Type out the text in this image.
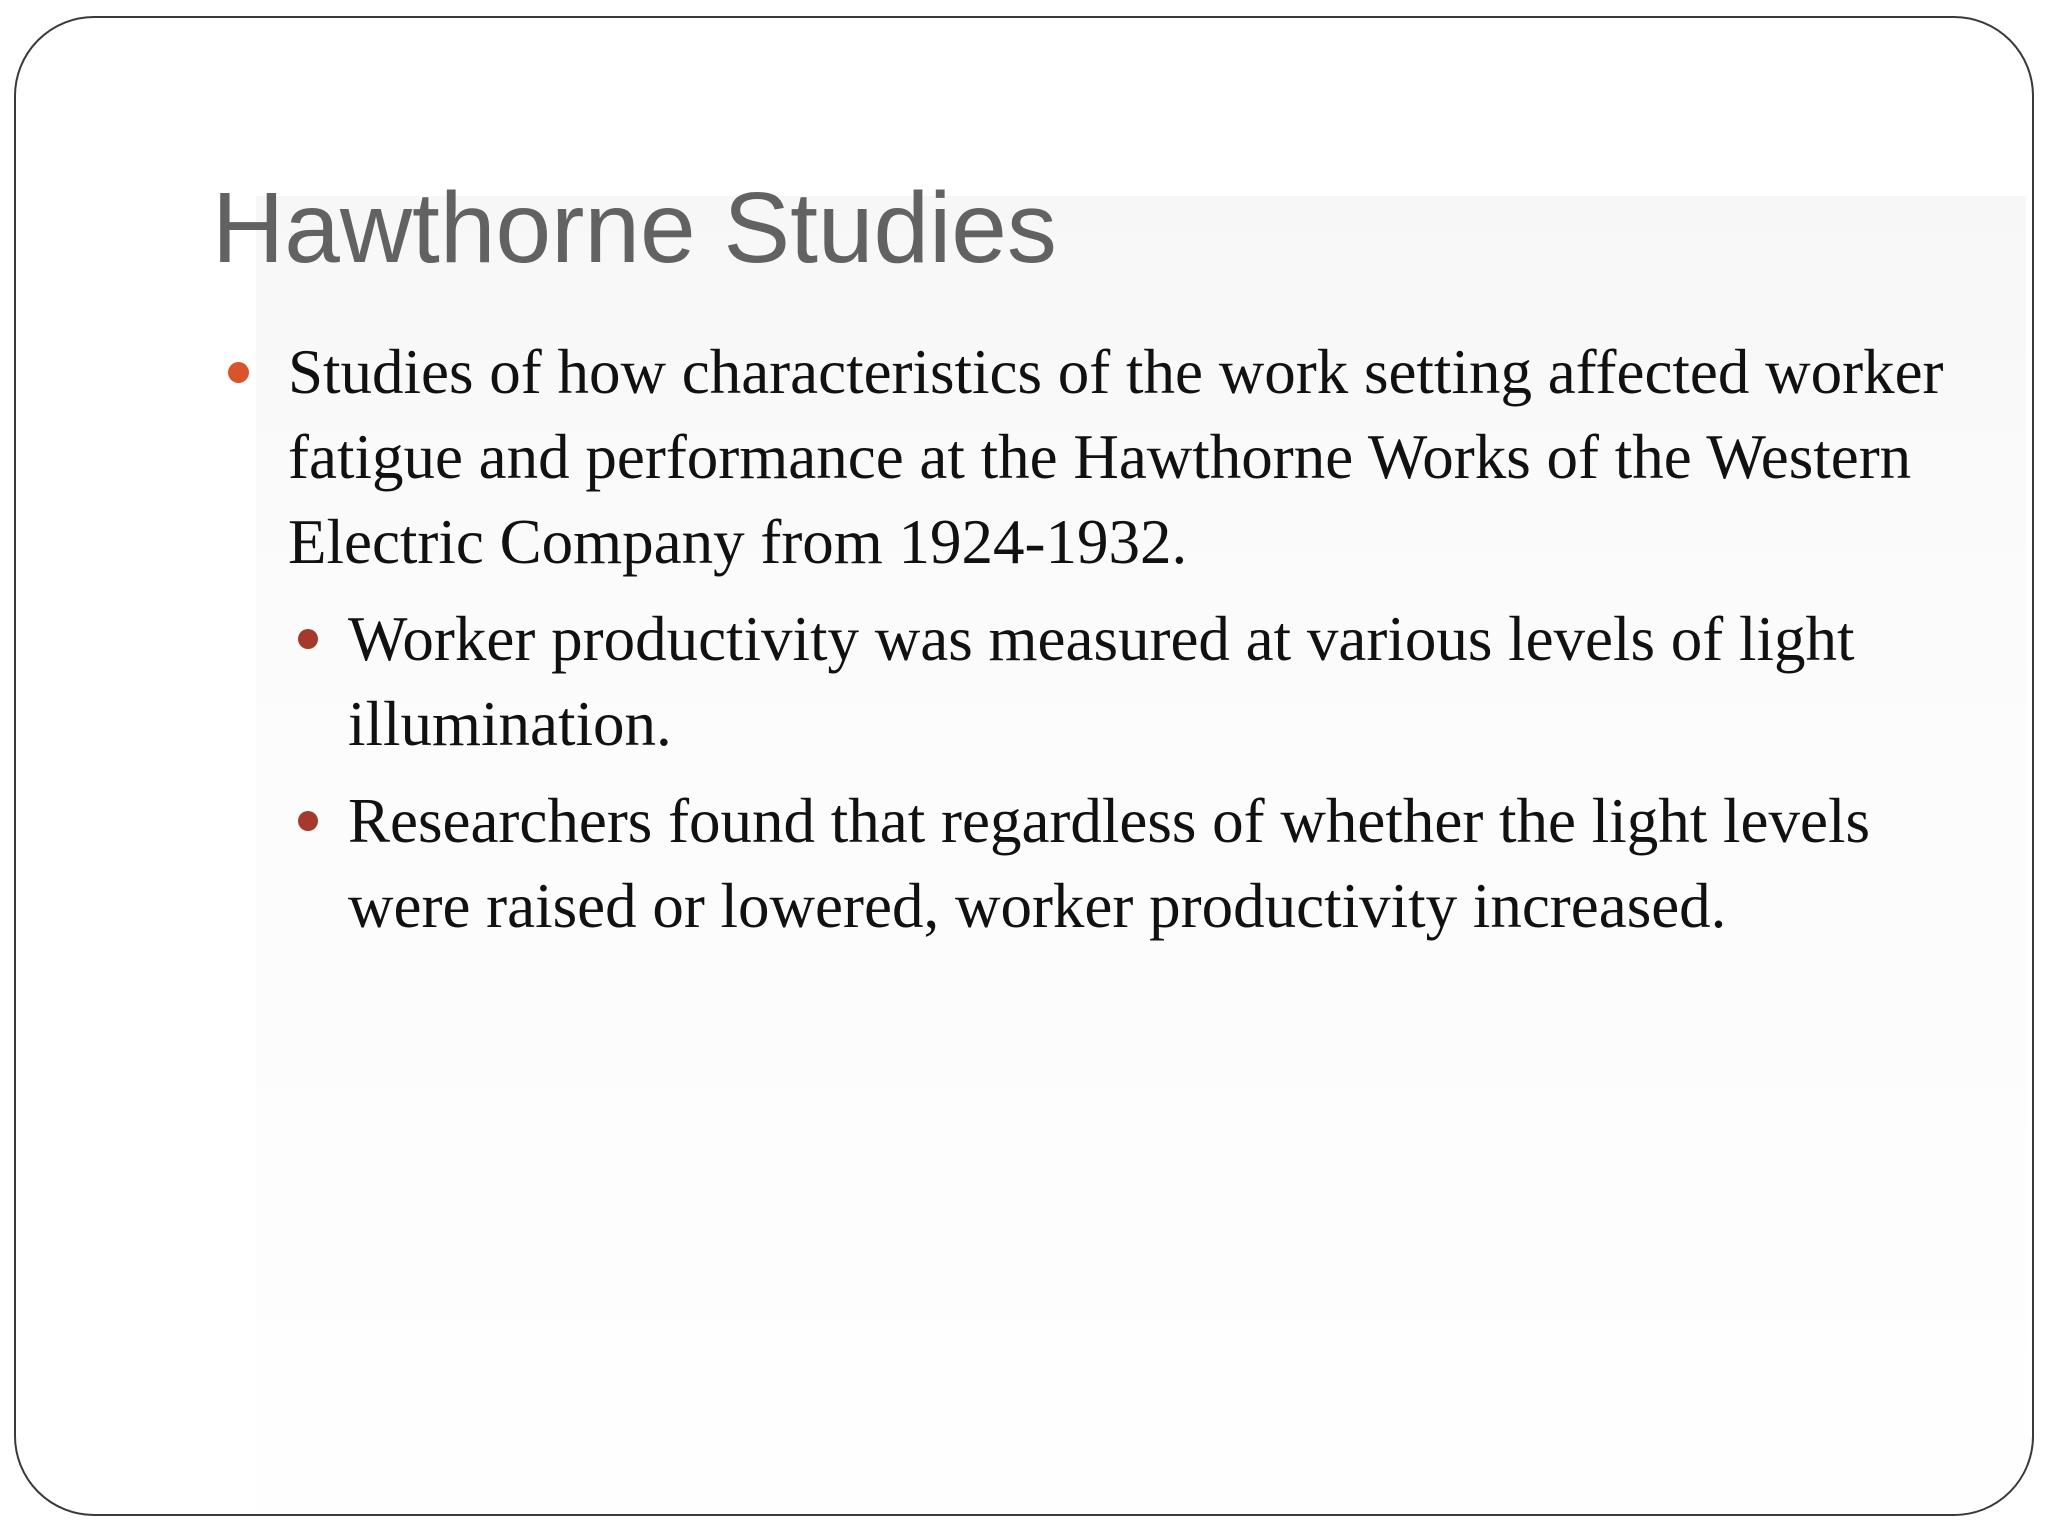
Hawthorne Studies
Studies of how characteristics of the work setting affected worker fatigue and performance at the Hawthorne Works of the Western Electric Company from 1924-1932.
Worker productivity was measured at various levels of light illumination.
Researchers found that regardless of whether the light levels were raised or lowered, worker productivity increased.
